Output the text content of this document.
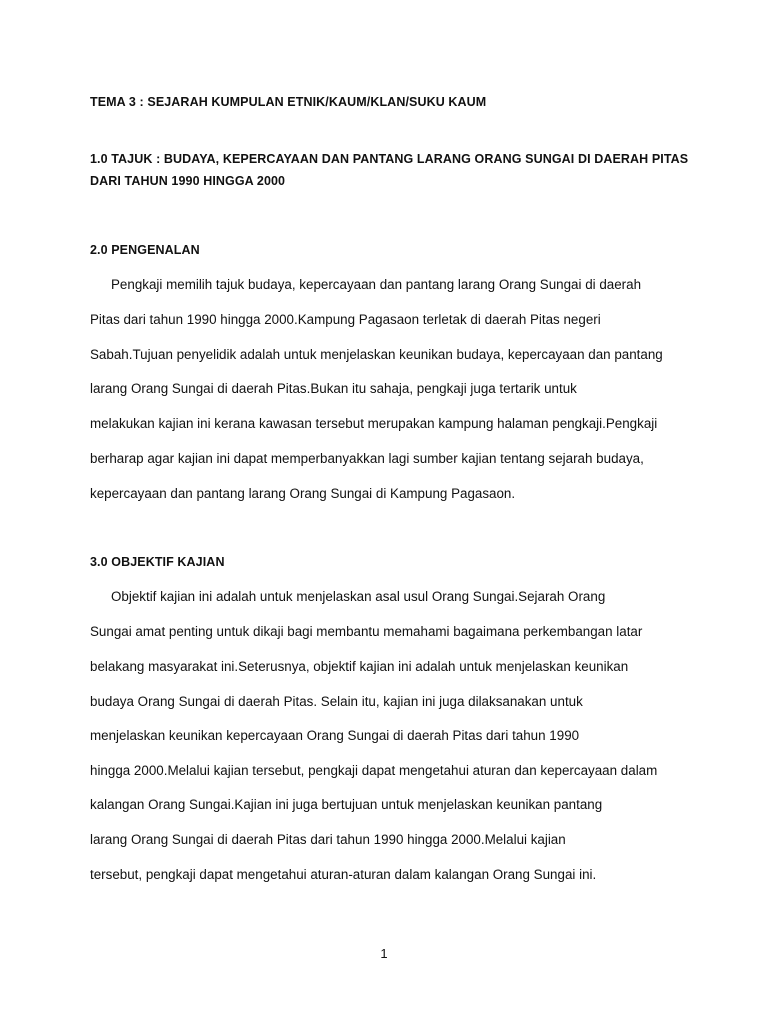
TEMA 3 : SEJARAH KUMPULAN ETNIK/KAUM/KLAN/SUKU KAUM
1.0 TAJUK : BUDAYA, KEPERCAYAAN DAN PANTANG LARANG ORANG SUNGAI DI DAERAH PITAS
DARI TAHUN 1990 HINGGA 2000
2.0 PENGENALAN
Pengkaji memilih tajuk budaya, kepercayaan dan pantang larang Orang Sungai di daerah
Pitas dari tahun 1990 hingga 2000.Kampung Pagasaon terletak di daerah Pitas negeri
Sabah.Tujuan penyelidik adalah untuk menjelaskan keunikan budaya, kepercayaan dan pantang
larang Orang Sungai di daerah Pitas.Bukan itu sahaja, pengkaji juga tertarik untuk
melakukan kajian ini kerana kawasan tersebut merupakan kampung halaman pengkaji.Pengkaji
berharap agar kajian ini dapat memperbanyakkan lagi sumber kajian tentang sejarah budaya,
kepercayaan dan pantang larang Orang Sungai di Kampung Pagasaon.
3.0 OBJEKTIF KAJIAN
Objektif kajian ini adalah untuk menjelaskan asal usul Orang Sungai.Sejarah Orang
Sungai amat penting untuk dikaji bagi membantu memahami bagaimana perkembangan latar
belakang masyarakat ini.Seterusnya, objektif kajian ini adalah untuk menjelaskan keunikan
budaya Orang Sungai di daerah Pitas. Selain itu, kajian ini juga dilaksanakan untuk
menjelaskan keunikan kepercayaan Orang Sungai di daerah Pitas dari tahun 1990
hingga 2000.Melalui kajian tersebut, pengkaji dapat mengetahui aturan dan kepercayaan dalam
kalangan Orang Sungai.Kajian ini juga bertujuan untuk menjelaskan keunikan pantang
larang Orang Sungai di daerah Pitas dari tahun 1990 hingga 2000.Melalui kajian
tersebut, pengkaji dapat mengetahui aturan-aturan dalam kalangan Orang Sungai ini.
1
